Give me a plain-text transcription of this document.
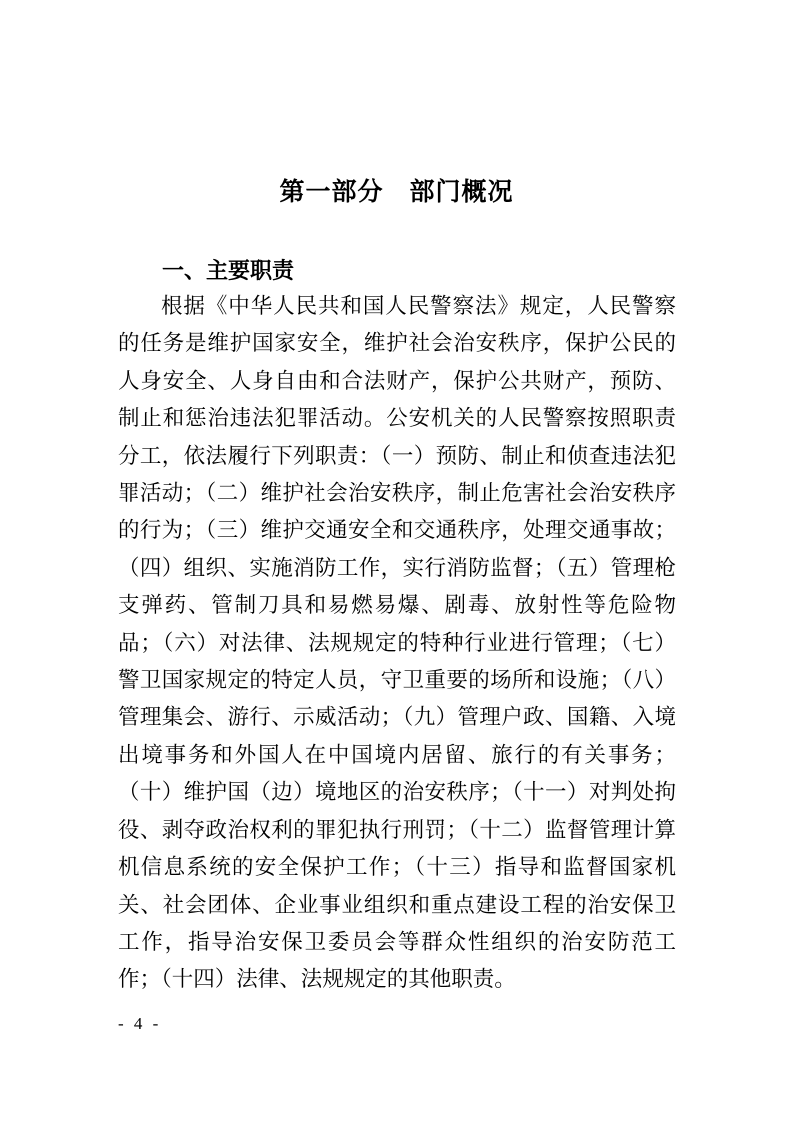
第一部分　部门概况
一、主要职责
根据《中华人民共和国人民警察法》规定，人民警察的任务是维护国家安全，维护社会治安秩序，保护公民的人身安全、人身自由和合法财产，保护公共财产，预防、制止和惩治违法犯罪活动。公安机关的人民警察按照职责分工，依法履行下列职责：（一）预防、制止和侦查违法犯罪活动；（二）维护社会治安秩序，制止危害社会治安秩序的行为；（三）维护交通安全和交通秩序，处理交通事故；（四）组织、实施消防工作，实行消防监督；（五）管理枪支弹药、管制刀具和易燃易爆、剧毒、放射性等危险物品；（六）对法律、法规规定的特种行业进行管理；（七）警卫国家规定的特定人员，守卫重要的场所和设施；（八）管理集会、游行、示威活动；（九）管理户政、国籍、入境出境事务和外国人在中国境内居留、旅行的有关事务；（十）维护国（边）境地区的治安秩序；（十一）对判处拘役、剥夺政治权利的罪犯执行刑罚；（十二）监督管理计算机信息系统的安全保护工作；（十三）指导和监督国家机关、社会团体、企业事业组织和重点建设工程的治安保卫工作，指导治安保卫委员会等群众性组织的治安防范工作；（十四）法律、法规规定的其他职责。
- 4 -
